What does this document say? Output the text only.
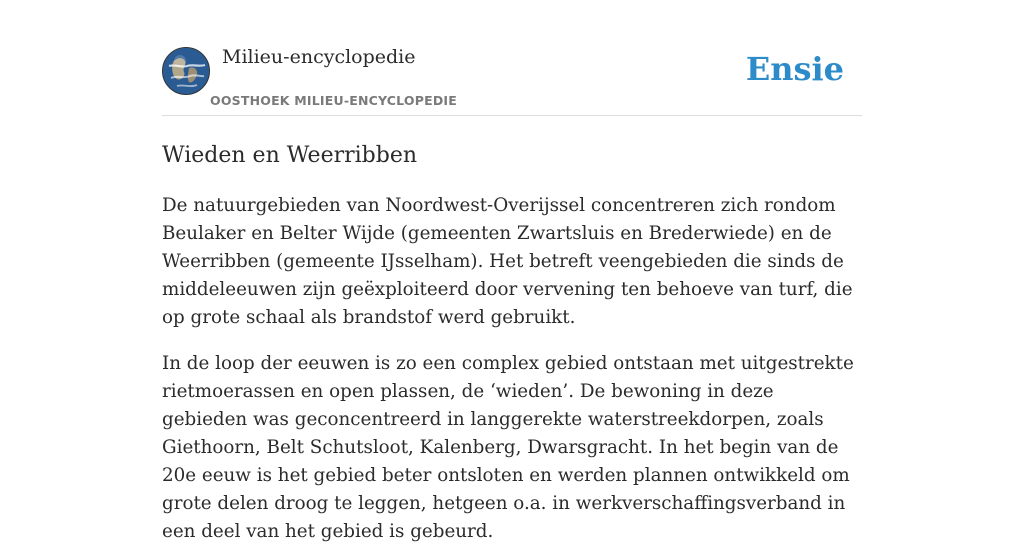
Milieu-encyclopedie
OOSTHOEK MILIEU-ENCYCLOPEDIE
Ensie
Wieden en Weerribben

De natuurgebieden van Noordwest-Overijssel concentreren zich rondom Beulaker en Belter Wijde (gemeenten Zwartsluis en Brederwiede) en de Weerribben (gemeente IJsselham). Het betreft veengebieden die sinds de middeleeuwen zijn geëxploiteerd door vervening ten behoeve van turf, die op grote schaal als brandstof werd gebruikt.

In de loop der eeuwen is zo een complex gebied ontstaan met uitgestrekte rietmoerassen en open plassen, de ‘wieden’. De bewoning in deze gebieden was geconcentreerd in langgerekte waterstreekdorpen, zoals Giethoorn, Belt Schutsloot, Kalenberg, Dwarsgracht. In het begin van de 20e eeuw is het gebied beter ontsloten en werden plannen ontwikkeld om grote delen droog te leggen, hetgeen o.a. in werkverschaffingsverband in een deel van het gebied is gebeurd.
